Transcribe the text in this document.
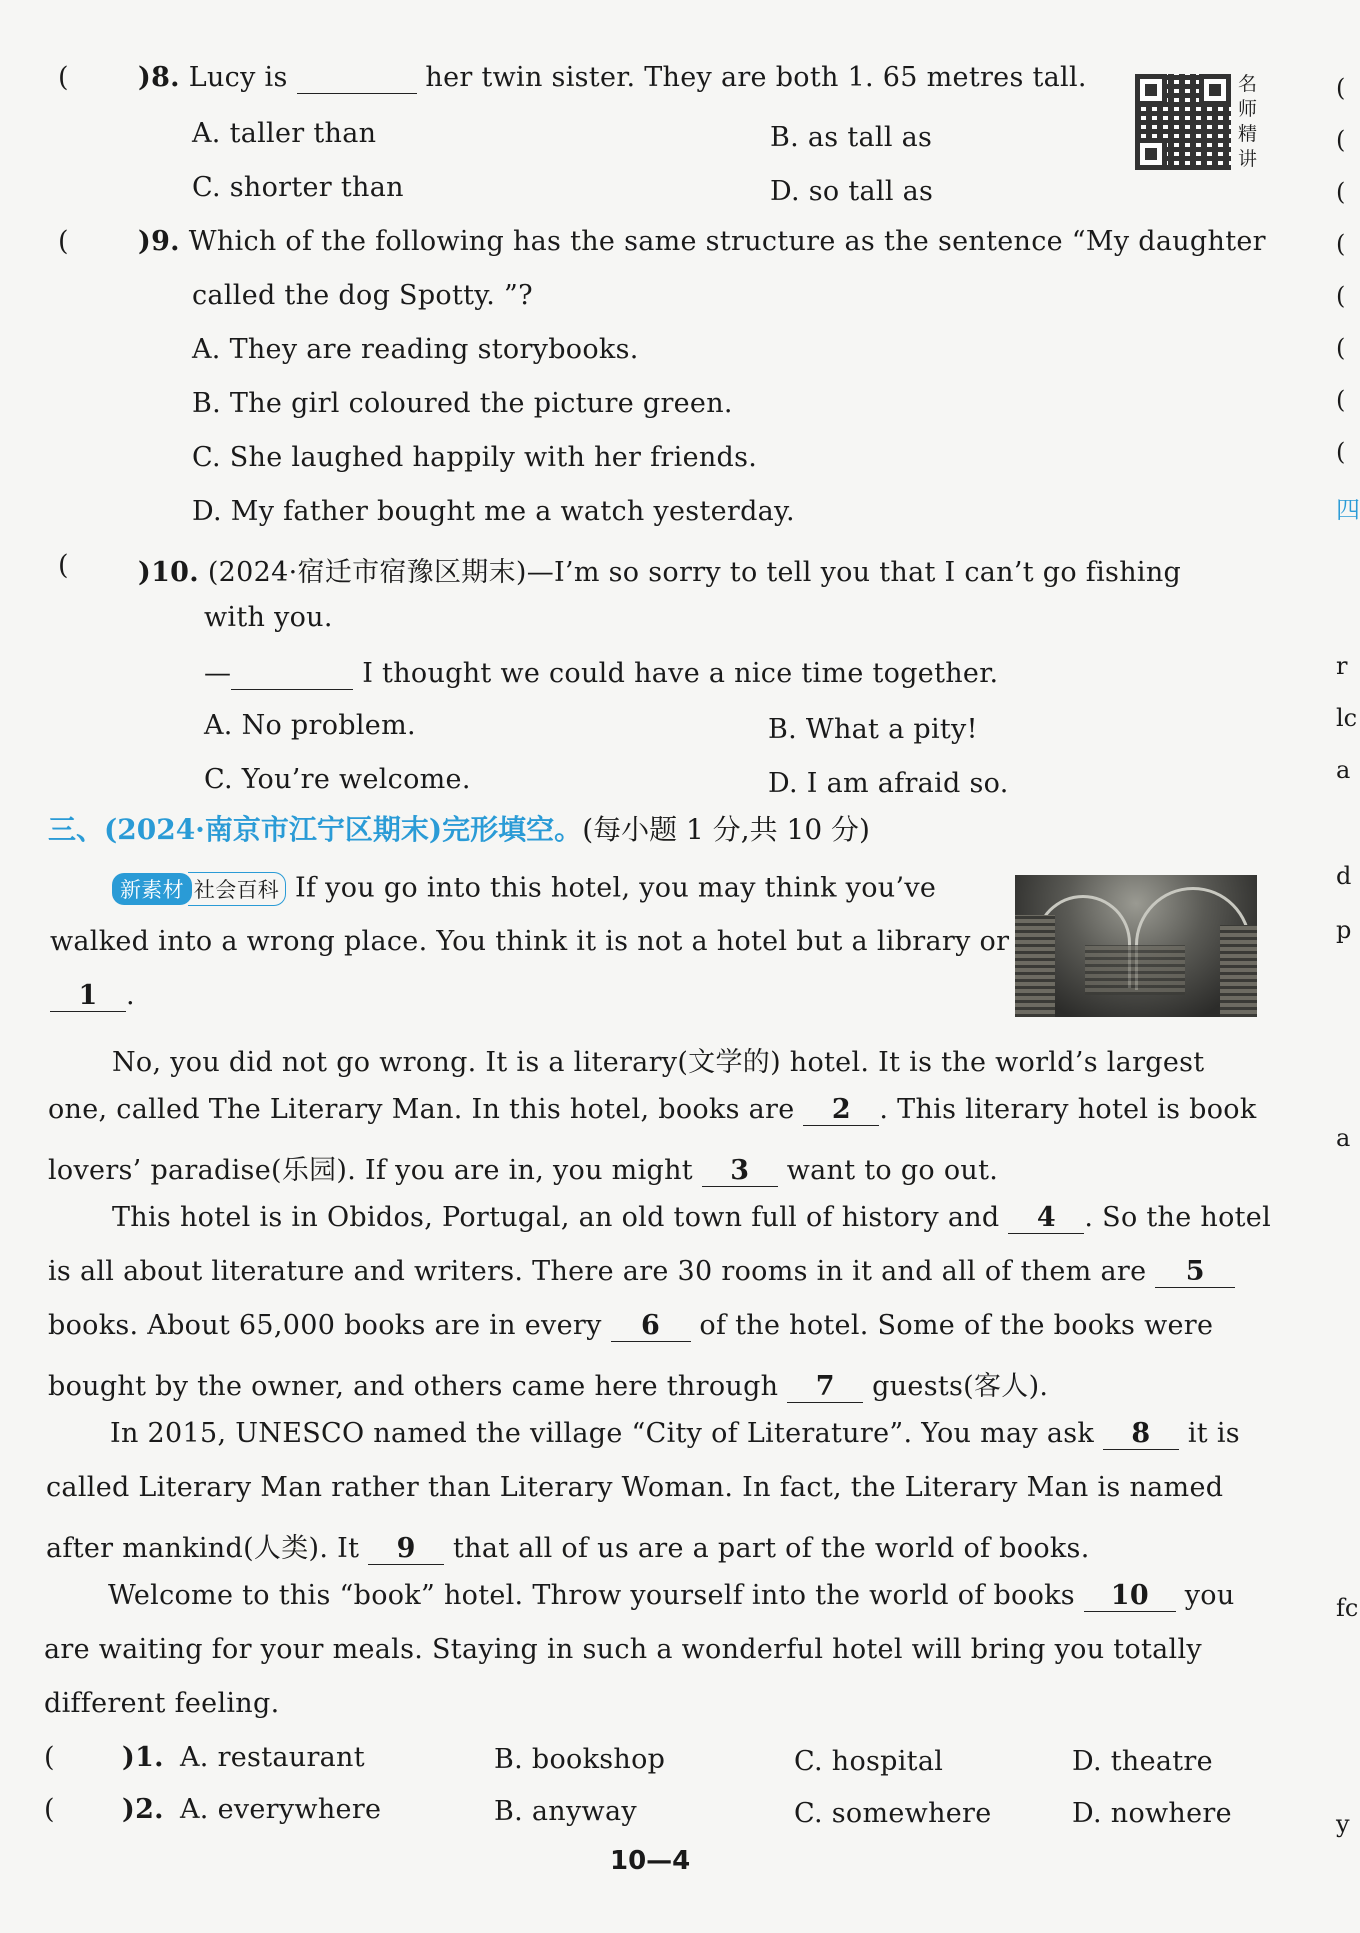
(	)8. Lucy is	her twin sister. They are both 1. 65 metres tall.
A. taller than	B. as tall as
C. shorter than	D. so tall as
名师精讲
(	)9. Which of the following has the same structure as the sentence “My daughter
called the dog Spotty. ”?
A. They are reading storybooks.
B. The girl coloured the picture green.
C. She laughed happily with her friends.
D. My father bought me a watch yesterday.
(	)10. (2024·宿迁市宿豫区期末)—I’m so sorry to tell you that I can’t go fishing
with you.
—	I thought we could have a nice time together.
A. No problem.	B. What a pity!
C. You’re welcome.	D. I am afraid so.
三、(2024·南京市江宁区期末)完形填空。(每小题 1 分,共 10 分)
新素材 社会百科 If you go into this hotel, you may think you’ve
walked into a wrong place. You think it is not a hotel but a library or
1 .
No, you did not go wrong. It is a literary(文学的) hotel. It is the world’s largest
one, called The Literary Man. In this hotel, books are 2 . This literary hotel is book
lovers’ paradise(乐园). If you are in, you might 3 want to go out.
This hotel is in Obidos, Portugal, an old town full of history and 4 . So the hotel
is all about literature and writers. There are 30 rooms in it and all of them are 5
books. About 65,000 books are in every 6 of the hotel. Some of the books were
bought by the owner, and others came here through 7 guests(客人).
In 2015, UNESCO named the village “City of Literature”. You may ask 8 it is
called Literary Man rather than Literary Woman. In fact, the Literary Man is named
after mankind(人类). It 9 that all of us are a part of the world of books.
Welcome to this “book” hotel. Throw yourself into the world of books 10 you
are waiting for your meals. Staying in such a wonderful hotel will bring you totally
different feeling.
( )1. A. restaurant	B. bookshop	C. hospital	D. theatre
( )2. A. everywhere	B. anyway	C. somewhere	D. nowhere
10—4
(
(
(
(
(
(
(
(
四
r
lc
a
d
p
a
fc
y
